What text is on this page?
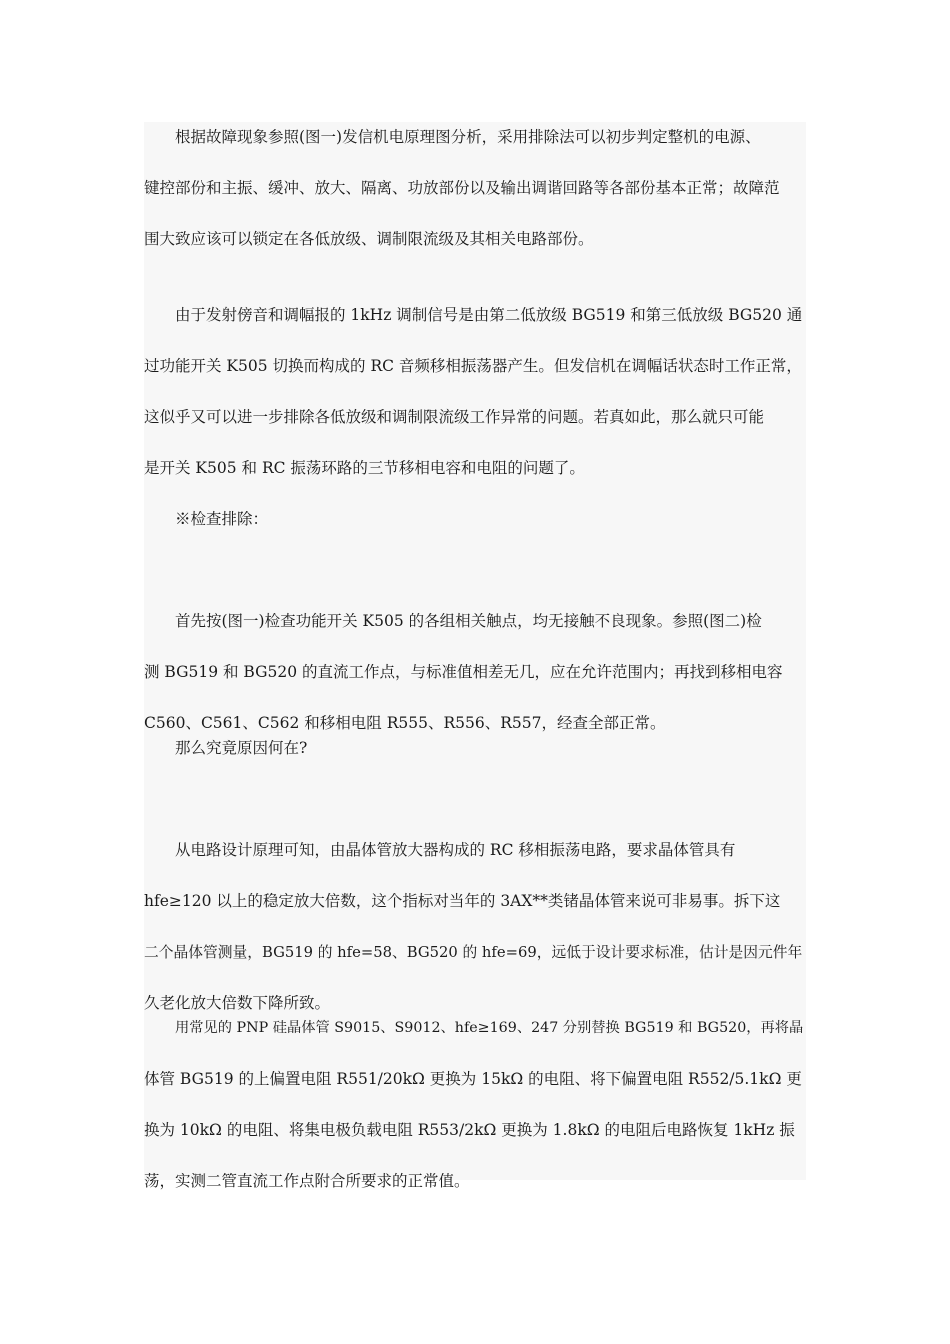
根据故障现象参照(图一)发信机电原理图分析，采用排除法可以初步判定整机的电源、
键控部份和主振、缓冲、放大、隔离、功放部份以及输出调谐回路等各部份基本正常；故障范
围大致应该可以锁定在各低放级、调制限流级及其相关电路部份。
由于发射傍音和调幅报的 1kHz 调制信号是由第二低放级 BG519 和第三低放级 BG520 通
过功能开关 K505 切换而构成的 RC 音频移相振荡器产生。但发信机在调幅话状态时工作正常，
这似乎又可以进一步排除各低放级和调制限流级工作异常的问题。若真如此，那么就只可能
是开关 K505 和 RC 振荡环路的三节移相电容和电阻的问题了。
※检查排除：
首先按(图一)检查功能开关 K505 的各组相关触点，均无接触不良现象。参照(图二)检
测 BG519 和 BG520 的直流工作点，与标准值相差无几，应在允许范围内；再找到移相电容
C560、C561、C562 和移相电阻 R555、R556、R557，经查全部正常。
那么究竟原因何在?
从电路设计原理可知，由晶体管放大器构成的 RC 移相振荡电路，要求晶体管具有
hfe≥120 以上的稳定放大倍数，这个指标对当年的 3AX**类锗晶体管来说可非易事。拆下这
二个晶体管测量，BG519 的 hfe=58、BG520 的 hfe=69，远低于设计要求标准，估计是因元件年
久老化放大倍数下降所致。
用常见的 PNP 硅晶体管 S9015、S9012、hfe≥169、247 分别替换 BG519 和 BG520，再将晶
体管 BG519 的上偏置电阻 R551/20kΩ 更换为 15kΩ 的电阻、将下偏置电阻 R552/5.1kΩ 更
换为 10kΩ 的电阻、将集电极负载电阻 R553/2kΩ 更换为 1.8kΩ 的电阻后电路恢复 1kHz 振
荡，实测二管直流工作点附合所要求的正常值。
